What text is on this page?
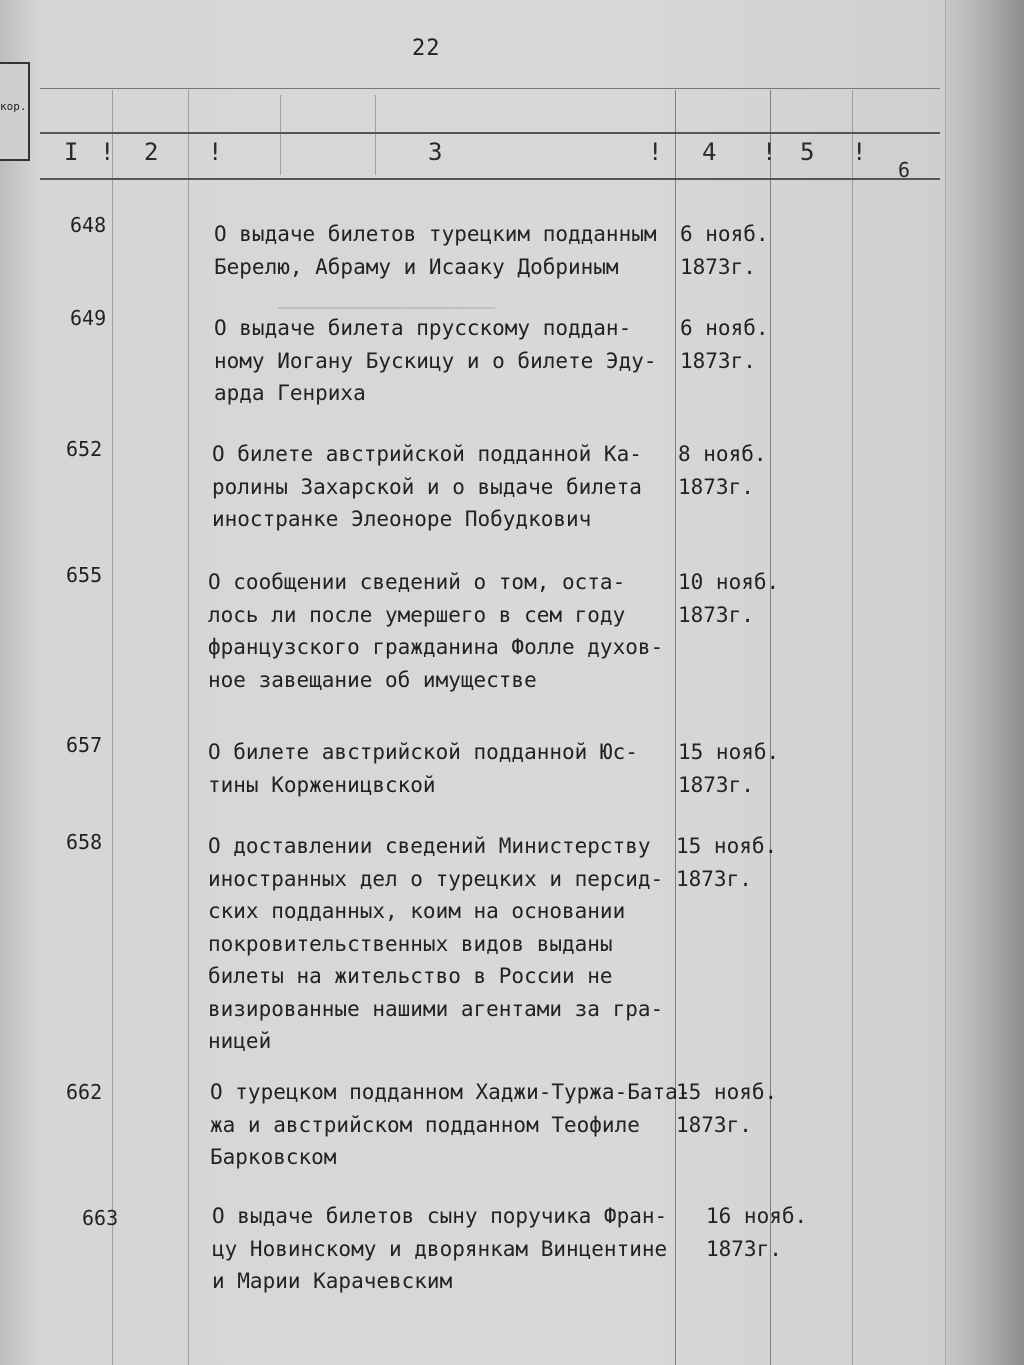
кор.
22

──────────────────

I ! 2 !	3	! 4 ! 5 !
6
648	О выдаче билетов турецким подданным
Берелю, Абраму и Исааку Добриным
6 нояб.
1873г.
649	О выдаче билета прусскому поддан-
ному Иогану Бускицу и о билете Эду-
арда Генриха
6 нояб.
1873г.
652	О билете австрийской подданной Ка-
ролины Захарской и о выдаче билета
иностранке Элеоноре Побудкович
8 нояб.
1873г.
655	О сообщении сведений о том, оста-
лось ли после умершего в сем году
французского гражданина Фолле духов-
ное завещание об имуществе
10 нояб.
1873г.
657	О билете австрийской подданной Юс-
тины Корженицвской
15 нояб.
1873г.
658	О доставлении сведений Министерству
иностранных дел о турецких и персид-
ских подданных, коим на основании
покровительственных видов выданы
билеты на жительство в России не
визированные нашими агентами за гра-
ницей
15 нояб.
1873г.
662	О турецком подданном Хаджи-Туржа-Бата-
жа и австрийском подданном Теофиле
Барковском
15 нояб.
1873г.
663	О выдаче билетов сыну поручика Фран-
цу Новинскому и дворянкам Винцентине
и Марии Карачевским
16 нояб.
1873г.
